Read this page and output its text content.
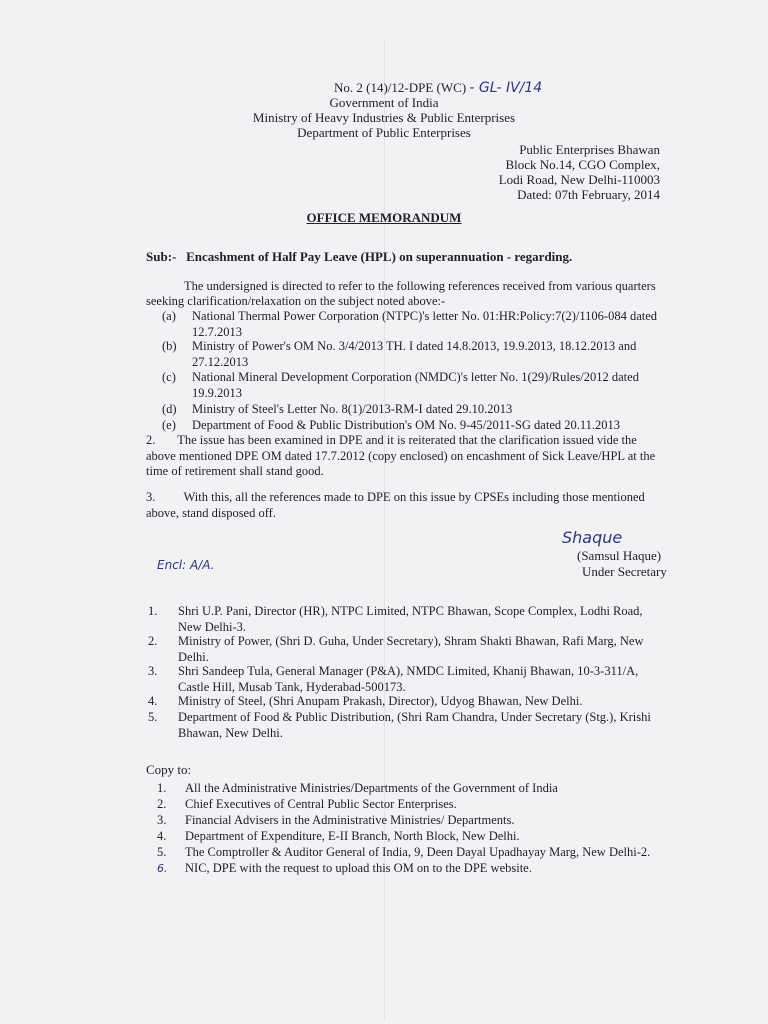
No. 2 (14)/12-DPE (WC) - GL- IV/14
Government of India
Ministry of Heavy Industries & Public Enterprises
Department of Public Enterprises
Public Enterprises Bhawan
Block No.14, CGO Complex,
Lodi Road, New Delhi-110003
Dated: 07th February, 2014
OFFICE MEMORANDUM
Sub:- Encashment of Half Pay Leave (HPL) on superannuation - regarding.
The undersigned is directed to refer to the following references received from various quarters
seeking clarification/relaxation on the subject noted above:-
(a)	National Thermal Power Corporation (NTPC)'s letter No. 01:HR:Policy:7(2)/1106-084 dated 12.7.2013
(b)	Ministry of Power's OM No. 3/4/2013 TH. I dated 14.8.2013, 19.9.2013, 18.12.2013 and 27.12.2013
(c)	National Mineral Development Corporation (NMDC)'s letter No. 1(29)/Rules/2012 dated 19.9.2013
(d)	Ministry of Steel's Letter No. 8(1)/2013-RM-I dated 29.10.2013
(e)	Department of Food & Public Distribution's OM No. 9-45/2011-SG dated 20.11.2013
2. The issue has been examined in DPE and it is reiterated that the clarification issued vide the above mentioned DPE OM dated 17.7.2012 (copy enclosed) on encashment of Sick Leave/HPL at the time of retirement shall stand good.
3. With this, all the references made to DPE on this issue by CPSEs including those mentioned above, stand disposed off.
Shaque
(Samsul Haque)
Under Secretary
Encl: A/A.
1.	Shri U.P. Pani, Director (HR), NTPC Limited, NTPC Bhawan, Scope Complex, Lodhi Road, New Delhi-3.
2.	Ministry of Power, (Shri D. Guha, Under Secretary), Shram Shakti Bhawan, Rafi Marg, New Delhi.
3.	Shri Sandeep Tula, General Manager (P&A), NMDC Limited, Khanij Bhawan, 10-3-311/A, Castle Hill, Musab Tank, Hyderabad-500173.
4.	Ministry of Steel, (Shri Anupam Prakash, Director), Udyog Bhawan, New Delhi.
5.	Department of Food & Public Distribution, (Shri Ram Chandra, Under Secretary (Stg.), Krishi Bhawan, New Delhi.
Copy to:
1.	All the Administrative Ministries/Departments of the Government of India
2.	Chief Executives of Central Public Sector Enterprises.
3.	Financial Advisers in the Administrative Ministries/ Departments.
4.	Department of Expenditure, E-II Branch, North Block, New Delhi.
5.	The Comptroller & Auditor General of India, 9, Deen Dayal Upadhayay Marg, New Delhi-2.
6.	NIC, DPE with the request to upload this OM on to the DPE website.
